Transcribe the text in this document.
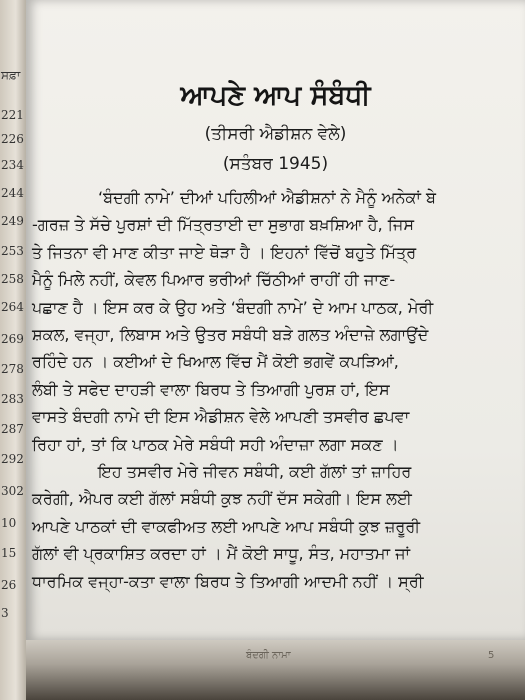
ਸਫ਼ਾ
221
226
234
244
249
253
258
264
269
278
283
287
292
302
10
15
26
3
ਆਪਣੇ ਆਪ ਸੰਬੰਧੀ
(ਤੀਸਰੀ ਐਡੀਸ਼ਨ ਵੇਲੇ)
(ਸਤੰਬਰ 1945)
‘ਬੰਦਗੀ ਨਾਮੇ’ ਦੀਆਂ ਪਹਿਲੀਆਂ ਐਡੀਸ਼ਨਾਂ ਨੇ ਮੈਨੂੰ ਅਨੇਕਾਂ ਬੇ
-ਗਰਜ਼ ਤੇ ਸੱਚੇ ਪੁਰਸ਼ਾਂ ਦੀ ਮਿੱਤ੍ਰਤਾਈ ਦਾ ਸੁਭਾਗ ਬਖ਼ਸ਼ਿਆ ਹੈ, ਜਿਸ
ਤੇ ਜਿਤਨਾ ਵੀ ਮਾਣ ਕੀਤਾ ਜਾਏ ਥੋੜਾ ਹੈ । ਇਹਨਾਂ ਵਿੱਚੋਂ ਬਹੁਤੇ ਮਿੱਤ੍ਰ
ਮੈਨੂੰ ਮਿਲੇ ਨਹੀਂ, ਕੇਵਲ ਪਿਆਰ ਭਰੀਆਂ ਚਿੱਠੀਆਂ ਰਾਹੀਂ ਹੀ ਜਾਣ-
ਪਛਾਣ ਹੈ । ਇਸ ਕਰ ਕੇ ਉਹ ਅਤੇ ‘ਬੰਦਗੀ ਨਾਮੇ’ ਦੇ ਆਮ ਪਾਠਕ, ਮੇਰੀ
ਸ਼ਕਲ, ਵਜ੍ਹਾ, ਲਿਬਾਸ ਅਤੇ ਉਤਰ ਸਬੰਧੀ ਬੜੇ ਗਲਤ ਅੰਦਾਜ਼ੇ ਲਗਾਉਂਦੇ
ਰਹਿੰਦੇ ਹਨ । ਕਈਆਂ ਦੇ ਖਿਆਲ ਵਿੱਚ ਮੈਂ ਕੋਈ ਭਗਵੇਂ ਕਪੜਿਆਂ,
ਲੰਬੀ ਤੇ ਸਫੇਦ ਦਾਹੜੀ ਵਾਲਾ ਬਿਰਧ ਤੇ ਤਿਆਗੀ ਪੁਰਸ਼ ਹਾਂ, ਇਸ
ਵਾਸਤੇ ਬੰਦਗੀ ਨਾਮੇ ਦੀ ਇਸ ਐਡੀਸ਼ਨ ਵੇਲੇ ਆਪਣੀ ਤਸਵੀਰ ਛਪਵਾ
ਰਿਹਾ ਹਾਂ, ਤਾਂ ਕਿ ਪਾਠਕ ਮੇਰੇ ਸਬੰਧੀ ਸਹੀ ਅੰਦਾਜ਼ਾ ਲਗਾ ਸਕਣ ।
ਇਹ ਤਸਵੀਰ ਮੇਰੇ ਜੀਵਨ ਸਬੰਧੀ, ਕਈ ਗੱਲਾਂ ਤਾਂ ਜ਼ਾਹਿਰ
ਕਰੇਗੀ, ਐਪਰ ਕਈ ਗੱਲਾਂ ਸਬੰਧੀ ਕੁਝ ਨਹੀਂ ਦੱਸ ਸਕੇਗੀ। ਇਸ ਲਈ
ਆਪਣੇ ਪਾਠਕਾਂ ਦੀ ਵਾਕਫੀਅਤ ਲਈ ਆਪਣੇ ਆਪ ਸਬੰਧੀ ਕੁਝ ਜ਼ਰੂਰੀ
ਗੱਲਾਂ ਵੀ ਪ੍ਰਕਾਸ਼ਿਤ ਕਰਦਾ ਹਾਂ । ਮੈਂ ਕੋਈ ਸਾਧੂ, ਸੰਤ, ਮਹਾਤਮਾ ਜਾਂ
ਧਾਰਮਿਕ ਵਜ੍ਹਾ-ਕਤਾ ਵਾਲਾ ਬਿਰਧ ਤੇ ਤਿਆਗੀ ਆਦਮੀ ਨਹੀਂ । ਸ੍ਰੀ
ਬੰਦਗੀ ਨਾਮਾ	5
